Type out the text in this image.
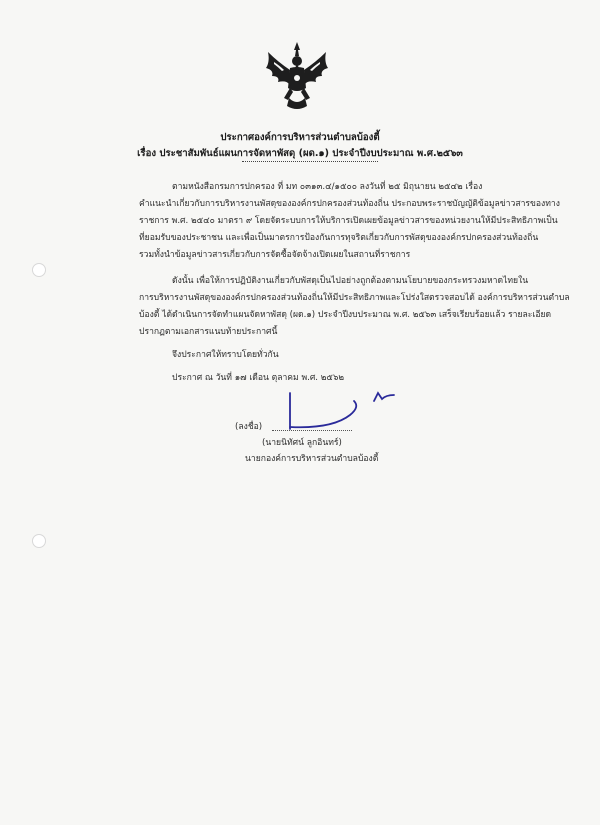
ประกาศองค์การบริหารส่วนตำบลบ้องตี้
เรื่อง ประชาสัมพันธ์แผนการจัดหาพัสดุ (ผด.๑) ประจำปีงบประมาณ พ.ศ.๒๕๖๓
ตามหนังสือกรมการปกครอง ที่ มท ๐๓๑๓.๔/๑๕๐๐ ลงวันที่ ๒๕ มิถุนายน ๒๕๔๒ เรื่อง
คำแนะนำเกี่ยวกับการบริหารงานพัสดุขององค์กรปกครองส่วนท้องถิ่น ประกอบพระราชบัญญัติข้อมูลข่าวสารของทาง
ราชการ พ.ศ. ๒๕๔๐ มาตรา ๙ โดยจัดระบบการให้บริการเปิดเผยข้อมูลข่าวสารของหน่วยงานให้มีประสิทธิภาพเป็น
ที่ยอมรับของประชาชน และเพื่อเป็นมาตรการป้องกันการทุจริตเกี่ยวกับการพัสดุขององค์กรปกครองส่วนท้องถิ่น
รวมทั้งนำข้อมูลข่าวสารเกี่ยวกับการจัดซื้อจัดจ้างเปิดเผยในสถานที่ราชการ
ดังนั้น เพื่อให้การปฏิบัติงานเกี่ยวกับพัสดุเป็นไปอย่างถูกต้องตามนโยบายของกระทรวงมหาดไทยใน
การบริหารงานพัสดุขององค์กรปกครองส่วนท้องถิ่นให้มีประสิทธิภาพและโปร่งใสตรวจสอบได้ องค์การบริหารส่วนตำบล
บ้องตี้ ได้ดำเนินการจัดทำแผนจัดหาพัสดุ (ผด.๑) ประจำปีงบประมาณ พ.ศ. ๒๕๖๓ เสร็จเรียบร้อยแล้ว รายละเอียด
ปรากฏตามเอกสารแนบท้ายประกาศนี้
จึงประกาศให้ทราบโดยทั่วกัน
ประกาศ ณ วันที่ ๑๗ เดือน ตุลาคม พ.ศ. ๒๕๖๒
(ลงชื่อ)
(นายนิทัศน์ ลูกอินทร์)
นายกองค์การบริหารส่วนตำบลบ้องตี้
